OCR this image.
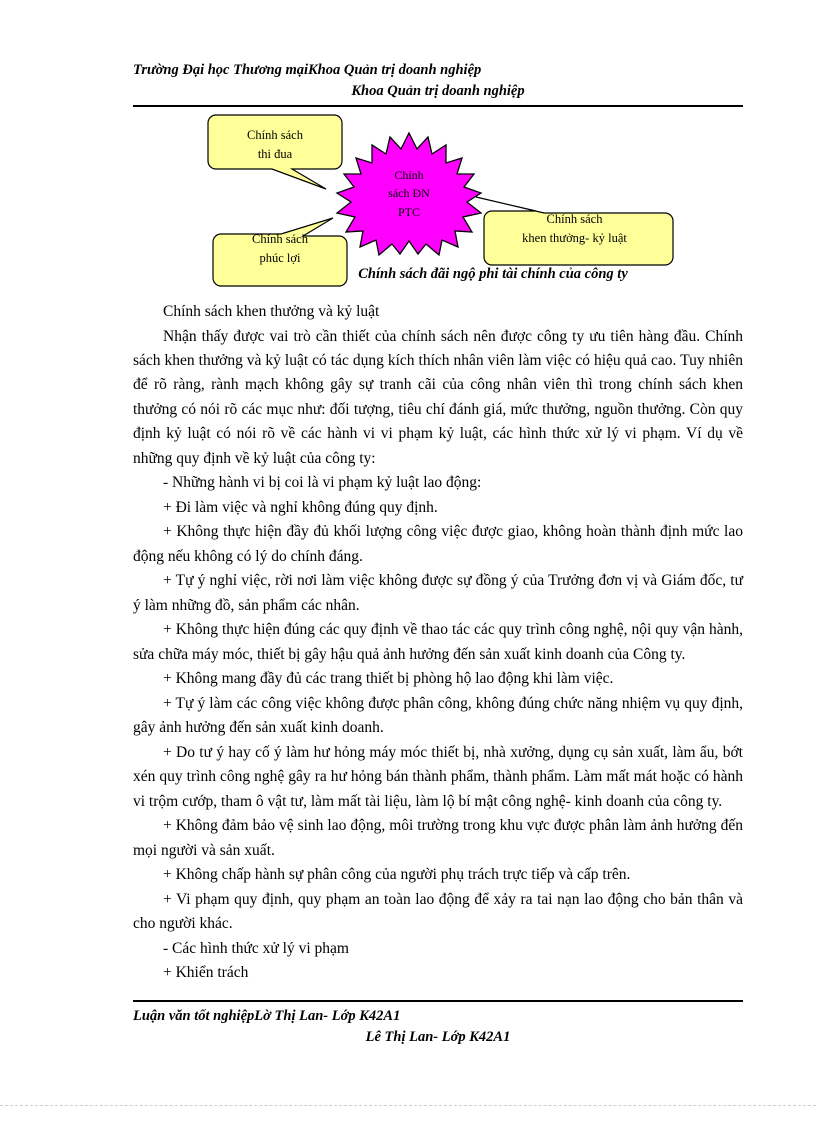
Trường Đại học Thương mạiKhoa Quản trị doanh nghiệp
Khoa Quản trị doanh nghiệp
Chính
sách ĐN
PTC
Chính sách
thi đua
Chính sách
phúc lợi
Chính sách
khen thưởng- kỷ luật
Chính sách đãi ngộ phi tài chính của công ty

Chính sách khen thưởng và kỷ luật

Nhận thấy được vai trò cần thiết của chính sách nên được công ty ưu tiên hàng đầu. Chính sách khen thưởng và kỷ luật có tác dụng kích thích nhân viên làm việc có hiệu quả cao. Tuy nhiên để rõ ràng, rành mạch không gây sự tranh cãi của công nhân viên thì trong chính sách khen thưởng có nói rõ các mục như: đối tượng, tiêu chí đánh giá, mức thưởng, nguồn thưởng. Còn quy định kỷ luật có nói rõ về các hành vi vi phạm kỷ luật, các hình thức xử lý vi phạm. Ví dụ về những quy định về kỷ luật của công ty:

- Những hành vi bị coi là vi phạm kỷ luật lao động:

+ Đi làm việc và nghỉ không đúng quy định.

+ Không thực hiện đầy đủ khối lượng công việc được giao, không hoàn thành định mức lao động nếu không có lý do chính đáng.

+ Tự ý nghỉ việc, rời nơi làm việc không được sự đồng ý của Trưởng đơn vị và Giám đốc, tư ý làm những đồ, sản phẩm các nhân.

+ Không thực hiện đúng các quy định về thao tác các quy trình công nghệ, nội quy vận hành, sửa chữa máy móc, thiết bị gây hậu quả ảnh hưởng đến sản xuất kinh doanh của Công ty.

+ Không mang đầy đủ các trang thiết bị phòng hộ lao động khi làm việc.

+ Tự ý làm các công việc không được phân công, không đúng chức năng nhiệm vụ quy định, gây ảnh hưởng đến sản xuất kinh doanh.

+ Do tư ý hay cố ý làm hư hỏng máy móc thiết bị, nhà xưởng, dụng cụ sản xuất, làm ẩu, bớt xén quy trình công nghệ gây ra hư hỏng bán thành phẩm, thành phẩm. Làm mất mát hoặc có hành vi trộm cướp, tham ô vật tư, làm mất tài liệu, làm lộ bí mật công nghệ- kinh doanh của công ty.

+ Không đảm bảo vệ sinh lao động, môi trường trong khu vực được phân làm ảnh hưởng đến mọi người và sản xuất.

+ Không chấp hành sự phân công của người phụ trách trực tiếp và cấp trên.

+ Vi phạm quy định, quy phạm an toàn lao động để xảy ra tai nạn lao động cho bản thân và cho người khác.

- Các hình thức xử lý vi phạm

+ Khiển trách

Luận văn tốt nghiệpLờ Thị Lan- Lớp K42A1
Lê Thị Lan- Lớp K42A1
